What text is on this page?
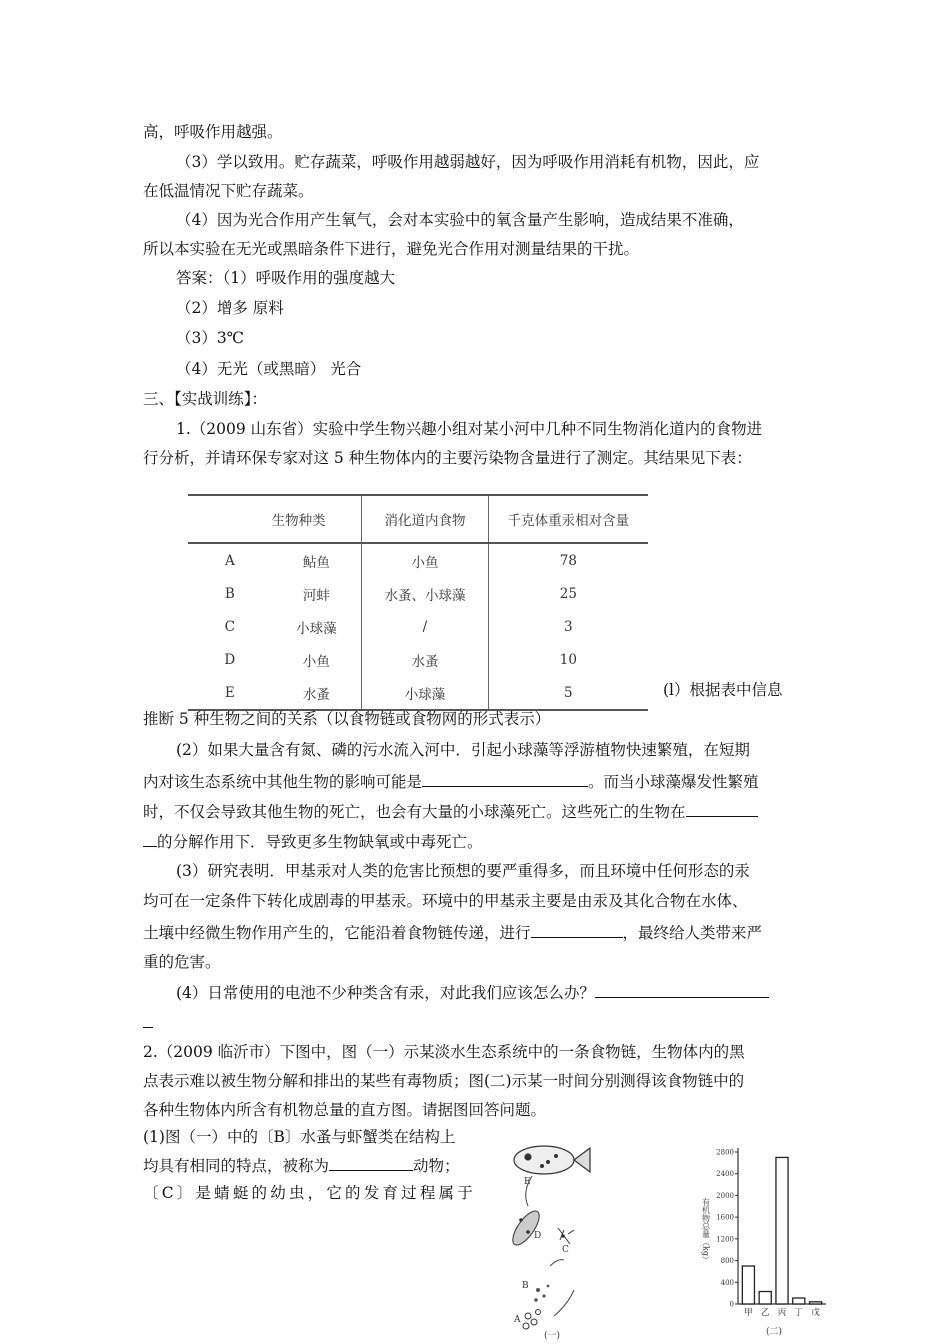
高，呼吸作用越强。
（3）学以致用。贮存蔬菜，呼吸作用越弱越好，因为呼吸作用消耗有机物，因此，应
在低温情况下贮存蔬菜。
（4）因为光合作用产生氧气，会对本实验中的氧含量产生影响，造成结果不准确，
所以本实验在无光或黑暗条件下进行，避免光合作用对测量结果的干扰。
答案：（1）呼吸作用的强度越大
（2）增多 原料
（3）3℃
（4）无光（或黑暗） 光合
三、【实战训练】：
1.（2009 山东省）实验中学生物兴趣小组对某小河中几种不同生物消化道内的食物进
行分析，并请环保专家对这 5 种生物体内的主要污染物含量进行了测定。其结果见下表：
	生物种类	消化道内食物	千克体重汞相对含量
A	鲇鱼	小鱼	78
B	河蚌	水蚤、小球藻	25
C	小球藻	/	3
D	小鱼	水蚤	10
E	水蚤	小球藻	5	(l）根据表中信息
推断 5 种生物之间的关系（以食物链或食物网的形式表示）
(2）如果大量含有氮、磷的污水流入河中．引起小球藻等浮游植物快速繁殖，在短期
内对该生态系统中其他生物的影响可能是	。而当小球藻爆发性繁殖
时，不仅会导致其他生物的死亡，也会有大量的小球藻死亡。这些死亡的生物在
的分解作用下．导致更多生物缺氧或中毒死亡。
(3）研究表明．甲基汞对人类的危害比预想的要严重得多，而且环境中任何形态的汞
均可在一定条件下转化成剧毒的甲基汞。环境中的甲基汞主要是由汞及其化合物在水体、
土壤中经微生物作用产生的，它能沿着食物链传递，进行	，最终给人类带来严
重的危害。
(4）日常使用的电池不少种类含有汞，对此我们应该怎么办？
2.（2009 临沂市）下图中，图（一）示某淡水生态系统中的一条食物链，生物体内的黑
点表示难以被生物分解和排出的某些有毒物质；图(二)示某一时间分别测得该食物链中的
各种生物体内所含有机物总量的直方图。请据图回答问题。
(1)图（一）中的〔B〕水蚤与虾蟹类在结构上
均具有相同的特点，被称为	动物；
〔C〕是蜻蜓的幼虫，它的发育过程属于
E
D
C
B
A
(一)
0
400
800
1200
1600
2000
2400
2800
甲 乙 丙 丁 戊
有机物总量（kg）
(二)
